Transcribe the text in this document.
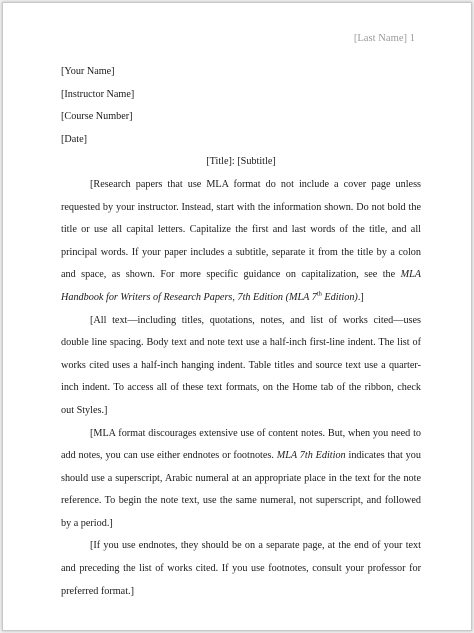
[Last Name] 1

[Your Name]

[Instructor Name]

[Course Number]

[Date]

[Title]: [Subtitle]

[Research papers that use MLA format do not include a cover page unless requested by your instructor. Instead, start with the information shown. Do not bold the title or use all capital letters. Capitalize the first and last words of the title, and all principal words. If your paper includes a subtitle, separate it from the title by a colon and space, as shown. For more specific guidance on capitalization, see the MLA Handbook for Writers of Research Papers, 7th Edition (MLA 7th Edition).]

[All text—including titles, quotations, notes, and list of works cited—uses double line spacing. Body text and note text use a half-inch first-line indent. The list of works cited uses a half-inch hanging indent. Table titles and source text use a quarter-inch indent. To access all of these text formats, on the Home tab of the ribbon, check out Styles.]

[MLA format discourages extensive use of content notes. But, when you need to add notes, you can use either endnotes or footnotes. MLA 7th Edition indicates that you should use a superscript, Arabic numeral at an appropriate place in the text for the note reference. To begin the note text, use the same numeral, not superscript, and followed by a period.]

[If you use endnotes, they should be on a separate page, at the end of your text and preceding the list of works cited. If you use footnotes, consult your professor for preferred format.]
